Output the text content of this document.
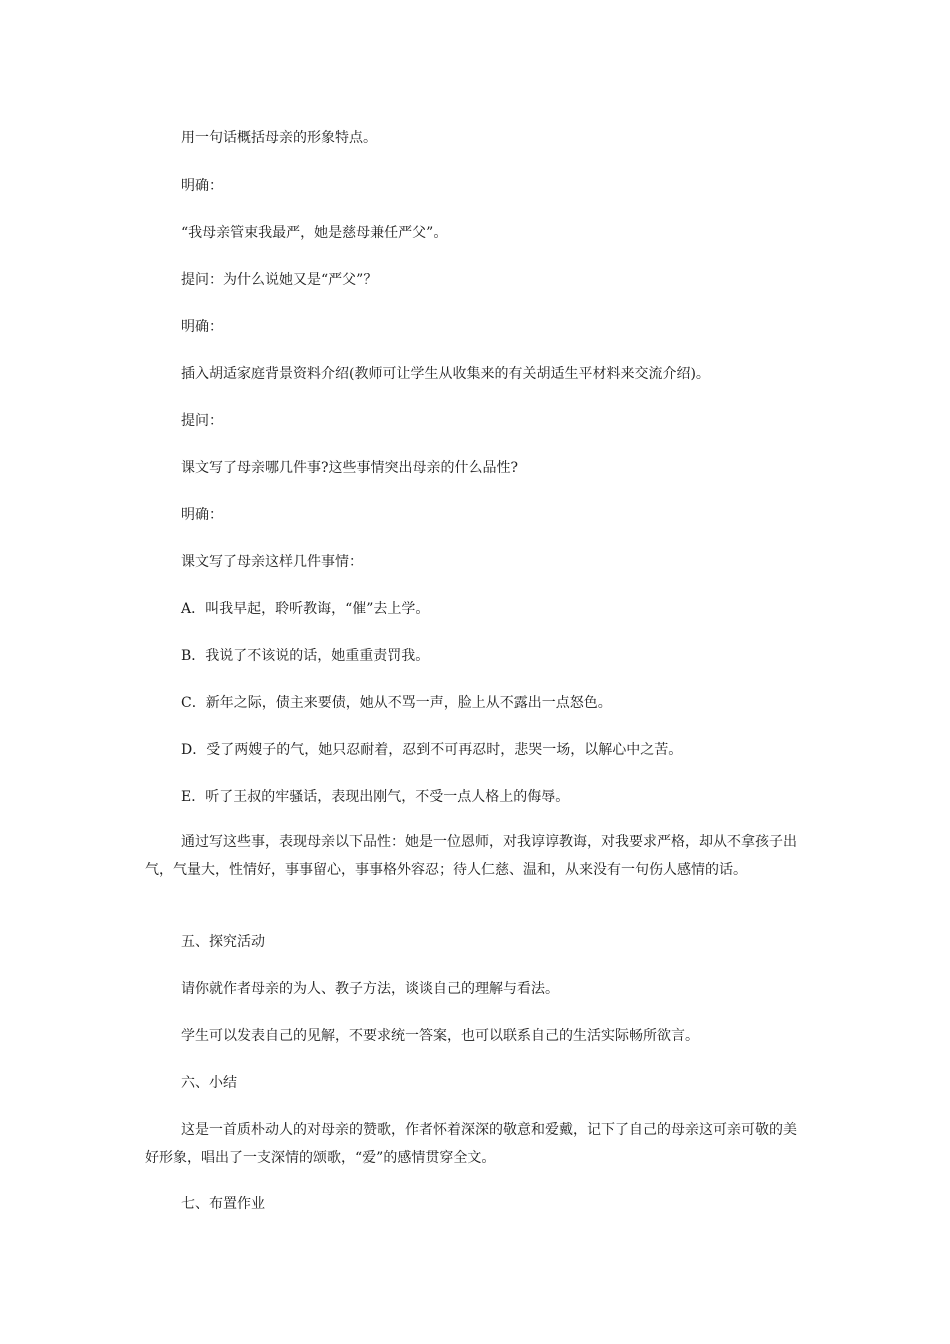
用一句话概括母亲的形象特点。

明确：

“我母亲管束我最严，她是慈母兼任严父”。

提问：为什么说她又是“严父”？

明确：

插入胡适家庭背景资料介绍(教师可让学生从收集来的有关胡适生平材料来交流介绍)。

提问：

课文写了母亲哪几件事?这些事情突出母亲的什么品性?

明确：

课文写了母亲这样几件事情：

A．叫我早起，聆听教诲，“催”去上学。

B．我说了不该说的话，她重重责罚我。

C．新年之际，债主来要债，她从不骂一声，脸上从不露出一点怒色。

D．受了两嫂子的气，她只忍耐着，忍到不可再忍时，悲哭一场，以解心中之苦。

E．听了王叔的牢骚话，表现出刚气，不受一点人格上的侮辱。

通过写这些事，表现母亲以下品性：她是一位恩师，对我谆谆教诲，对我要求严格，却从不拿孩子出气，气量大，性情好，事事留心，事事格外容忍；待人仁慈、温和，从来没有一句伤人感情的话。

五、探究活动

请你就作者母亲的为人、教子方法，谈谈自己的理解与看法。

学生可以发表自己的见解，不要求统一答案，也可以联系自己的生活实际畅所欲言。

六、小结

这是一首质朴动人的对母亲的赞歌，作者怀着深深的敬意和爱戴，记下了自己的母亲这可亲可敬的美好形象，唱出了一支深情的颂歌，“爱”的感情贯穿全文。

七、布置作业
